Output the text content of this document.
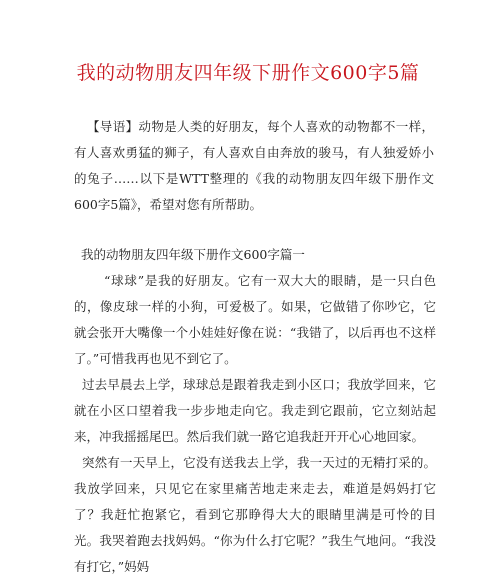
我的动物朋友四年级下册作文600字5篇

【导语】动物是人类的好朋友，每个人喜欢的动物都不一样，有人喜欢勇猛的狮子，有人喜欢自由奔放的骏马，有人独爱娇小的兔子……以下是WTT整理的《我的动物朋友四年级下册作文600字5篇》，希望对您有所帮助。

我的动物朋友四年级下册作文600字篇一

“球球”是我的好朋友。它有一双大大的眼睛，是一只白色的，像皮球一样的小狗，可爱极了。如果，它做错了你吵它，它就会张开大嘴像一个小娃娃好像在说：“我错了，以后再也不这样了。”可惜我再也见不到它了。

过去早晨去上学，球球总是跟着我走到小区口；我放学回来，它就在小区口望着我一步步地走向它。我走到它跟前，它立刻站起来，冲我摇摇尾巴。然后我们就一路它追我赶开开心心地回家。

突然有一天早上，它没有送我去上学，我一天过的无精打采的。我放学回来，只见它在家里痛苦地走来走去，难道是妈妈打它了？我赶忙抱紧它，看到它那睁得大大的眼睛里满是可怜的目光。我哭着跑去找妈妈。“你为什么打它呢？”我生气地问。“我没有打它，”妈妈
